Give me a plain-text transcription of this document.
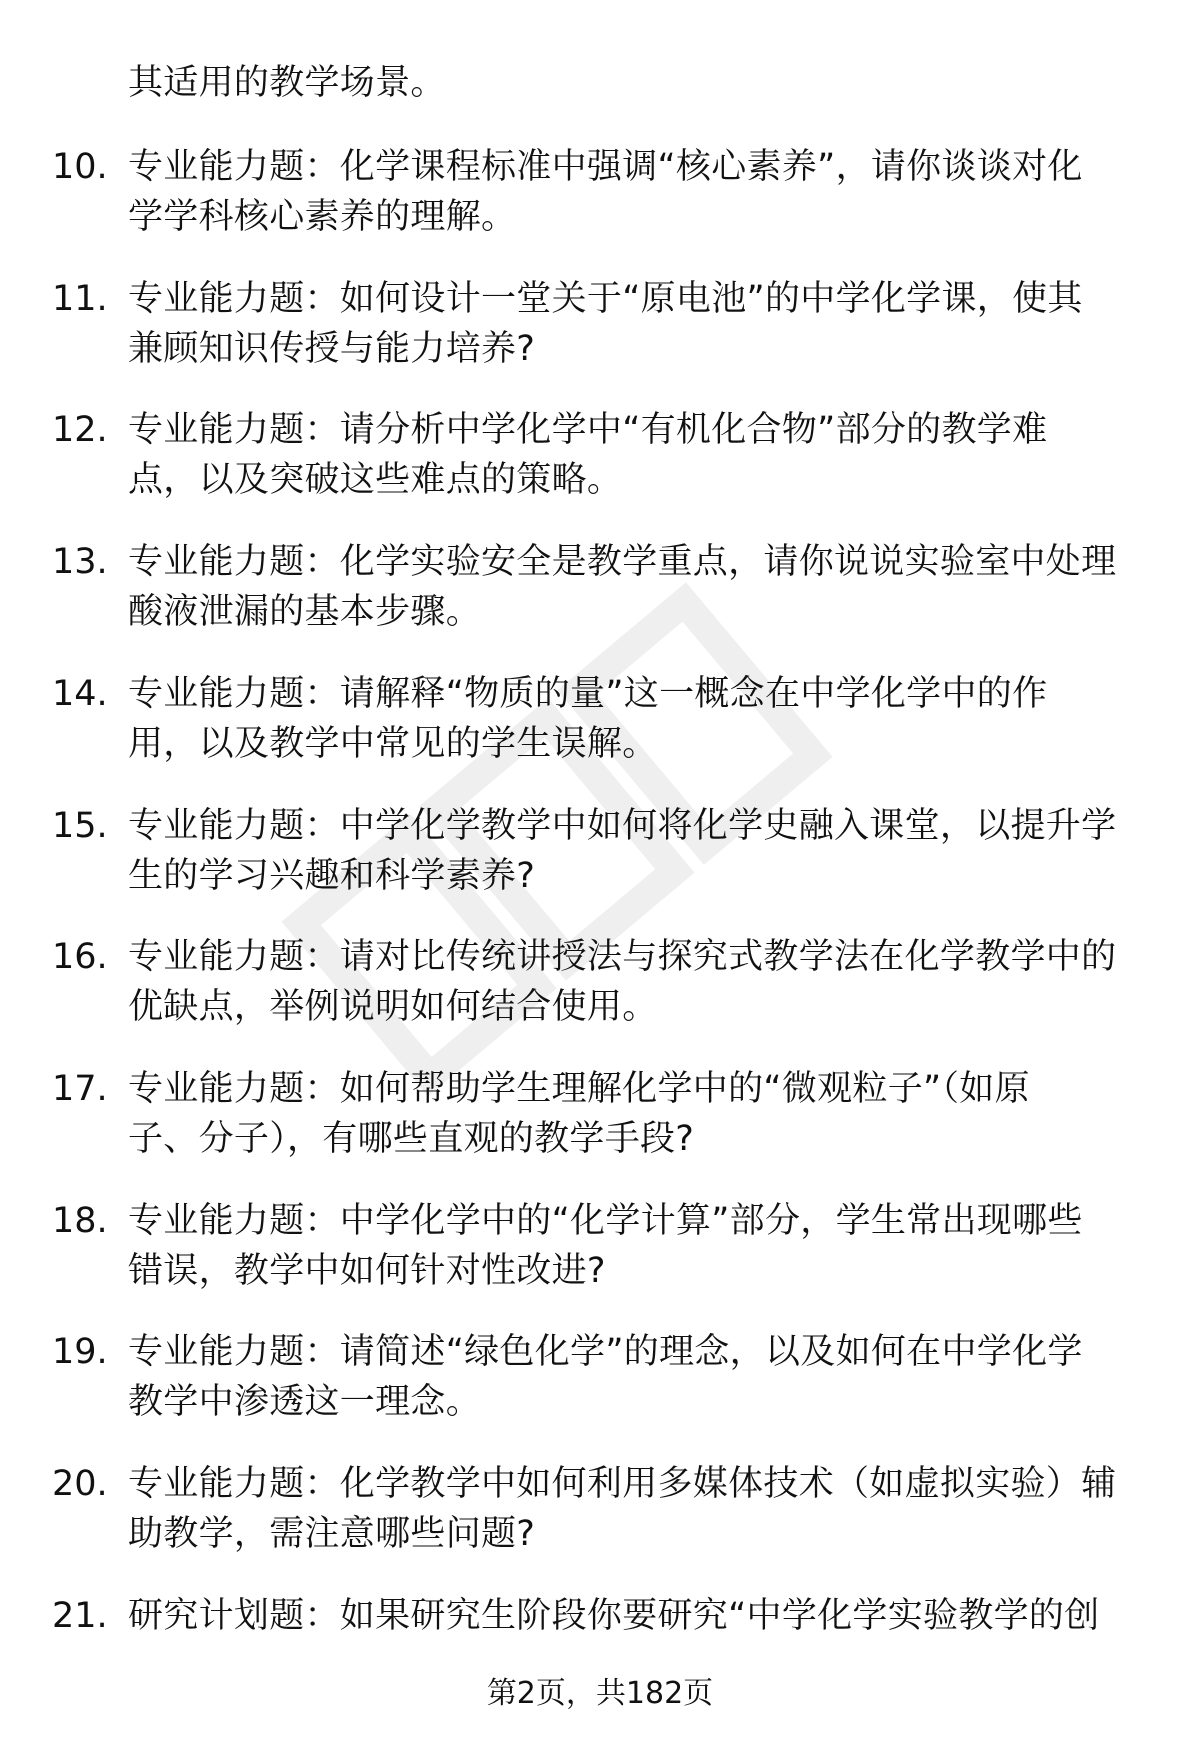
其适用的教学场景。
10. 专业能力题：化学课程标准中强调“核心素养”，请你谈谈对化
学学科核心素养的理解。
11. 专业能力题：如何设计一堂关于“原电池”的中学化学课，使其
兼顾知识传授与能力培养?
12. 专业能力题：请分析中学化学中“有机化合物”部分的教学难
点，以及突破这些难点的策略。
13. 专业能力题：化学实验安全是教学重点，请你说说实验室中处理
酸液泄漏的基本步骤。
14. 专业能力题：请解释“物质的量”这一概念在中学化学中的作
用，以及教学中常见的学生误解。
15. 专业能力题：中学化学教学中如何将化学史融入课堂，以提升学
生的学习兴趣和科学素养?
16. 专业能力题：请对比传统讲授法与探究式教学法在化学教学中的
优缺点，举例说明如何结合使用。
17. 专业能力题：如何帮助学生理解化学中的“微观粒子”（如原
子、分子），有哪些直观的教学手段?
18. 专业能力题：中学化学中的“化学计算”部分，学生常出现哪些
错误，教学中如何针对性改进?
19. 专业能力题：请简述“绿色化学”的理念，以及如何在中学化学
教学中渗透这一理念。
20. 专业能力题：化学教学中如何利用多媒体技术（如虚拟实验）辅
助教学，需注意哪些问题?
21. 研究计划题：如果研究生阶段你要研究“中学化学实验教学的创
第2页，共182页
